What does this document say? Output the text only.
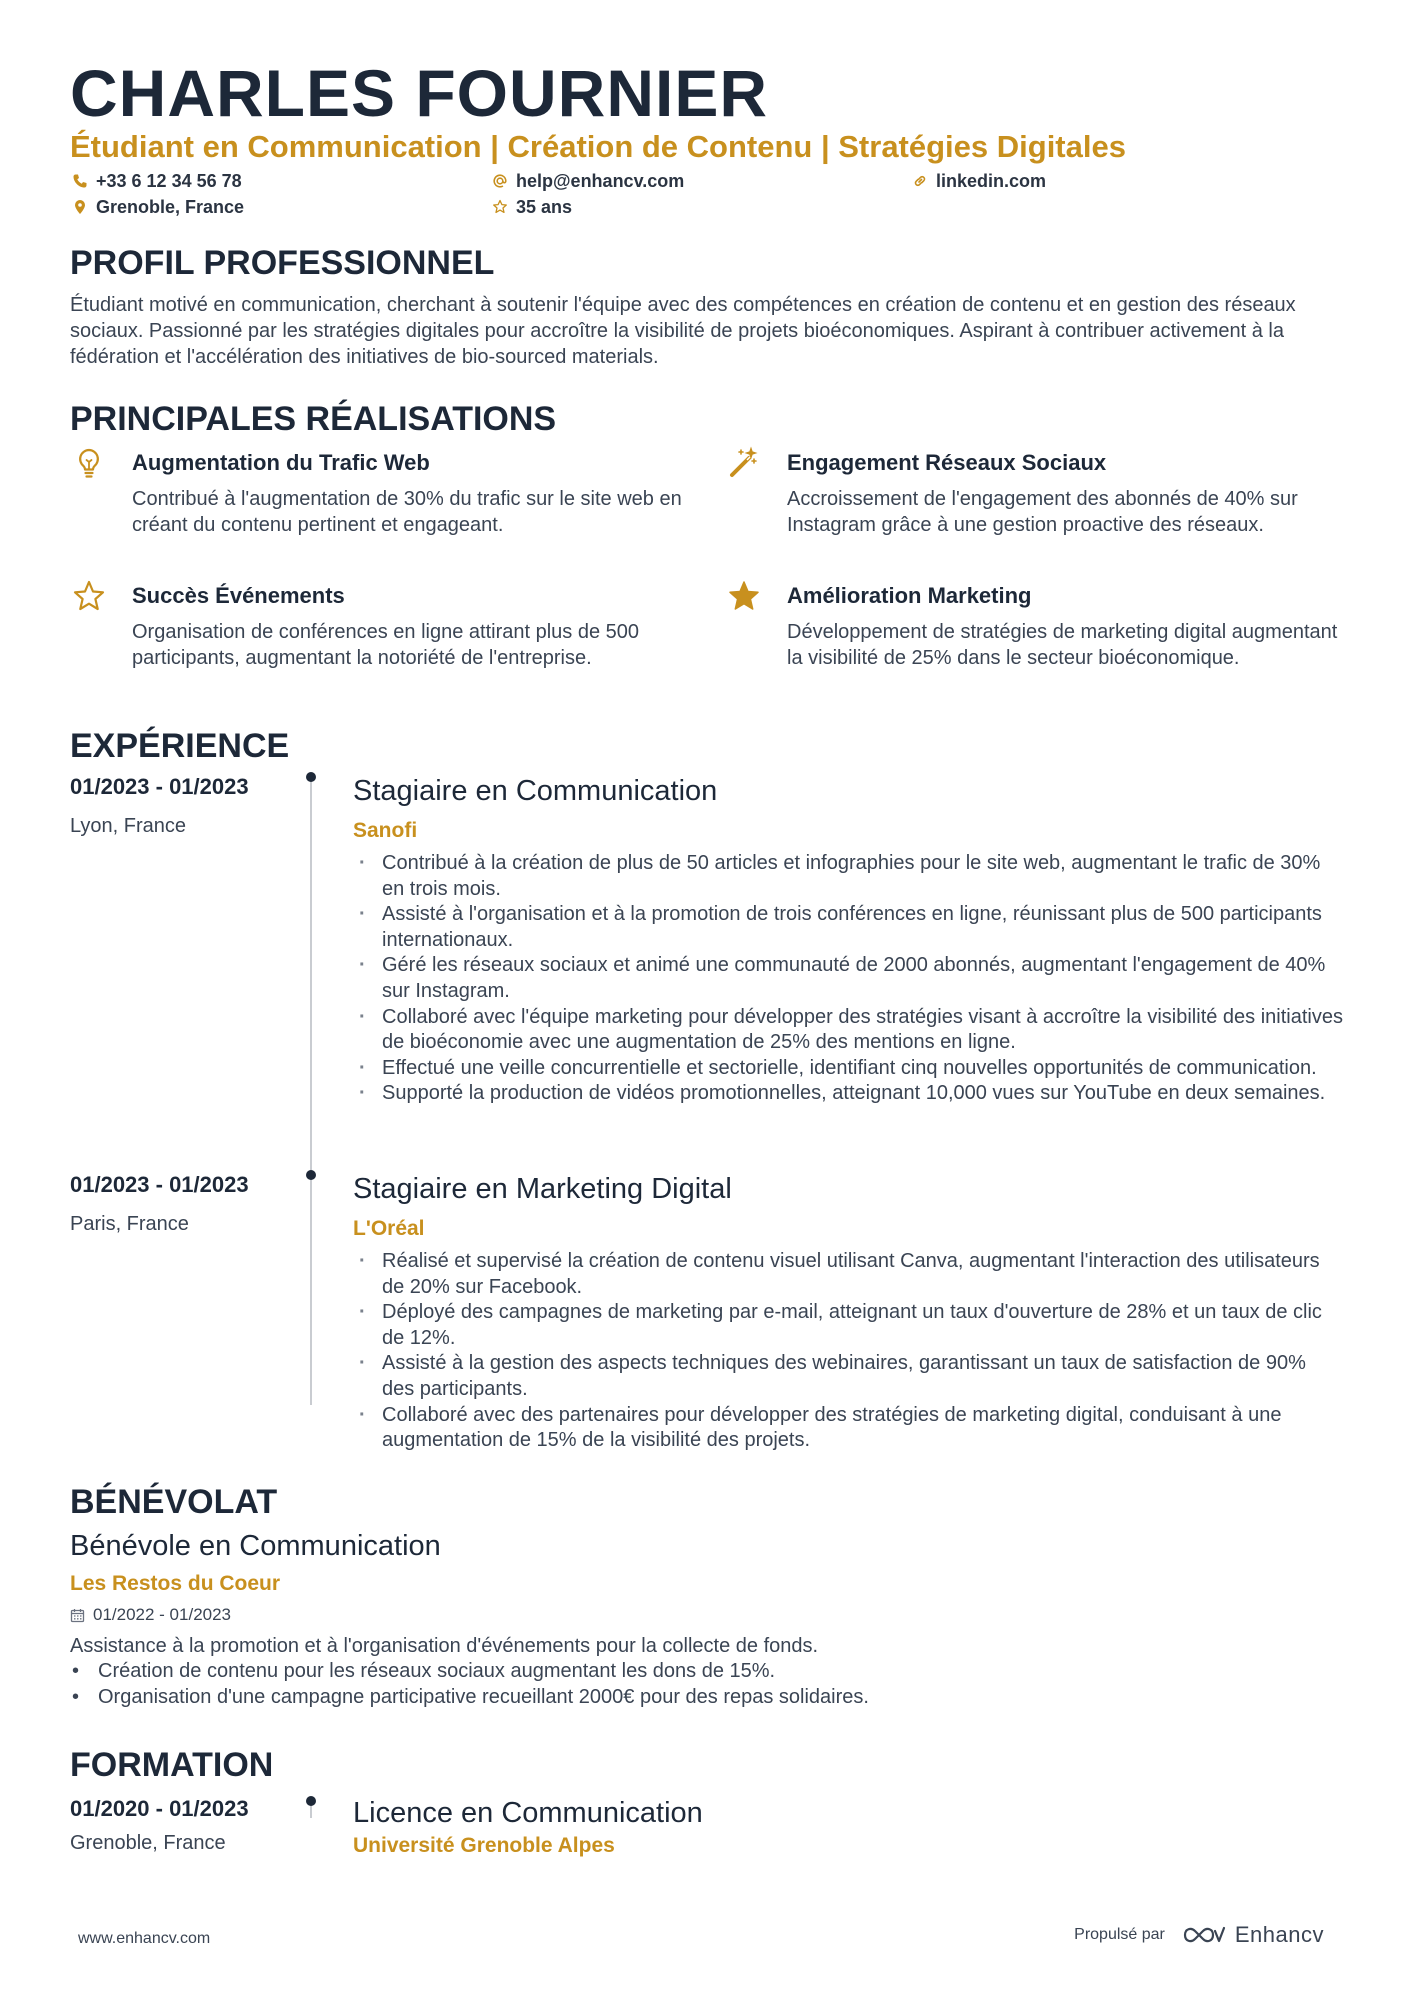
CHARLES FOURNIER
Étudiant en Communication | Création de Contenu | Stratégies Digitales
+33 6 12 34 56 78	help@enhancv.com	linkedin.com
Grenoble, France	35 ans
PROFIL PROFESSIONNEL
Étudiant motivé en communication, cherchant à soutenir l'équipe avec des compétences en création de contenu et en gestion des réseaux sociaux. Passionné par les stratégies digitales pour accroître la visibilité de projets bioéconomiques. Aspirant à contribuer activement à la fédération et l'accélération des initiatives de bio-sourced materials.
PRINCIPALES RÉALISATIONS
Augmentation du Trafic Web
Contribué à l'augmentation de 30% du trafic sur le site web en créant du contenu pertinent et engageant.
Engagement Réseaux Sociaux
Accroissement de l'engagement des abonnés de 40% sur Instagram grâce à une gestion proactive des réseaux.
Succès Événements
Organisation de conférences en ligne attirant plus de 500 participants, augmentant la notoriété de l'entreprise.
Amélioration Marketing
Développement de stratégies de marketing digital augmentant la visibilité de 25% dans le secteur bioéconomique.
EXPÉRIENCE
01/2023 - 01/2023
Lyon, France
Stagiaire en Communication
Sanofi
· Contribué à la création de plus de 50 articles et infographies pour le site web, augmentant le trafic de 30% en trois mois.
· Assisté à l'organisation et à la promotion de trois conférences en ligne, réunissant plus de 500 participants internationaux.
· Géré les réseaux sociaux et animé une communauté de 2000 abonnés, augmentant l'engagement de 40% sur Instagram.
· Collaboré avec l'équipe marketing pour développer des stratégies visant à accroître la visibilité des initiatives de bioéconomie avec une augmentation de 25% des mentions en ligne.
· Effectué une veille concurrentielle et sectorielle, identifiant cinq nouvelles opportunités de communication.
· Supporté la production de vidéos promotionnelles, atteignant 10,000 vues sur YouTube en deux semaines.
01/2023 - 01/2023
Paris, France
Stagiaire en Marketing Digital
L'Oréal
· Réalisé et supervisé la création de contenu visuel utilisant Canva, augmentant l'interaction des utilisateurs de 20% sur Facebook.
· Déployé des campagnes de marketing par e-mail, atteignant un taux d'ouverture de 28% et un taux de clic de 12%.
· Assisté à la gestion des aspects techniques des webinaires, garantissant un taux de satisfaction de 90% des participants.
· Collaboré avec des partenaires pour développer des stratégies de marketing digital, conduisant à une augmentation de 15% de la visibilité des projets.
BÉNÉVOLAT
Bénévole en Communication
Les Restos du Coeur
01/2022 - 01/2023
Assistance à la promotion et à l'organisation d'événements pour la collecte de fonds.
• Création de contenu pour les réseaux sociaux augmentant les dons de 15%.
• Organisation d'une campagne participative recueillant 2000€ pour des repas solidaires.
FORMATION
01/2020 - 01/2023
Grenoble, France
Licence en Communication
Université Grenoble Alpes
www.enhancv.com	Propulsé par	Enhancv
